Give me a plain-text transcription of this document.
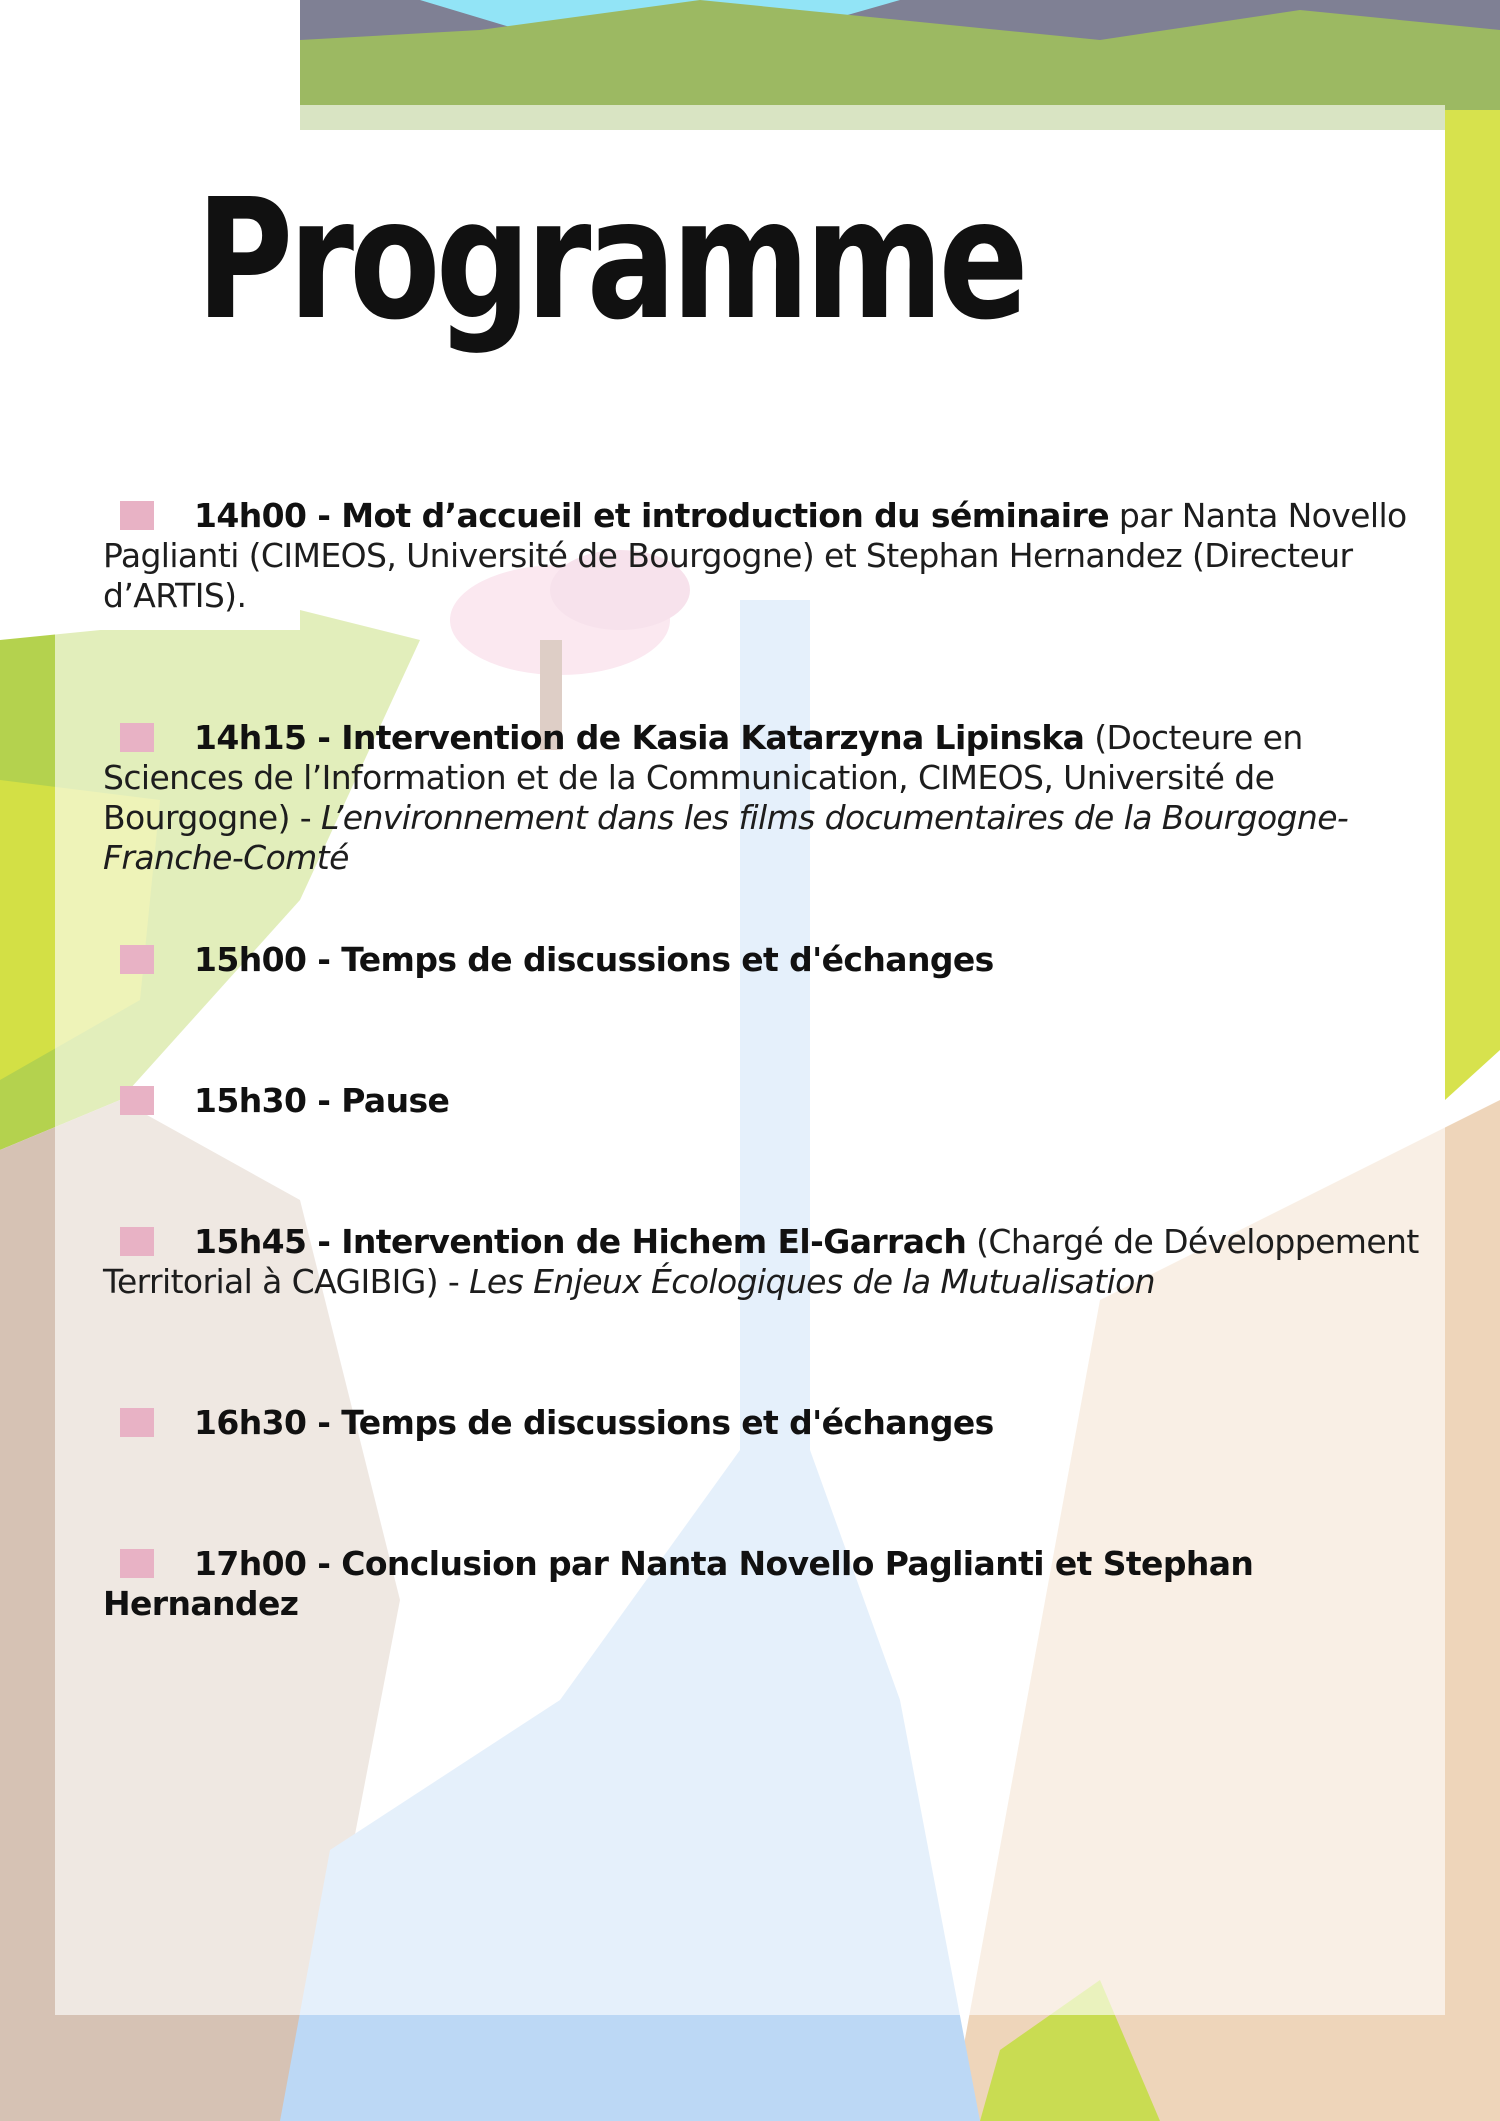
Programme
14h00 - Mot d’accueil et introduction du séminaire par Nanta Novello Paglianti (CIMEOS, Université de Bourgogne) et Stephan Hernandez (Directeur d’ARTIS).
14h15 - Intervention de Kasia Katarzyna Lipinska (Docteure en Sciences de l’Information et de la Communication, CIMEOS, Université de Bourgogne) - L’environnement dans les films documentaires de la Bourgogne-Franche-Comté
15h00 - Temps de discussions et d'échanges
15h30 - Pause
15h45 - Intervention de Hichem El-Garrach (Chargé de Développement Territorial à CAGIBIG) - Les Enjeux Écologiques de la Mutualisation
16h30 - Temps de discussions et d'échanges
17h00 - Conclusion par Nanta Novello Paglianti et Stephan Hernandez
